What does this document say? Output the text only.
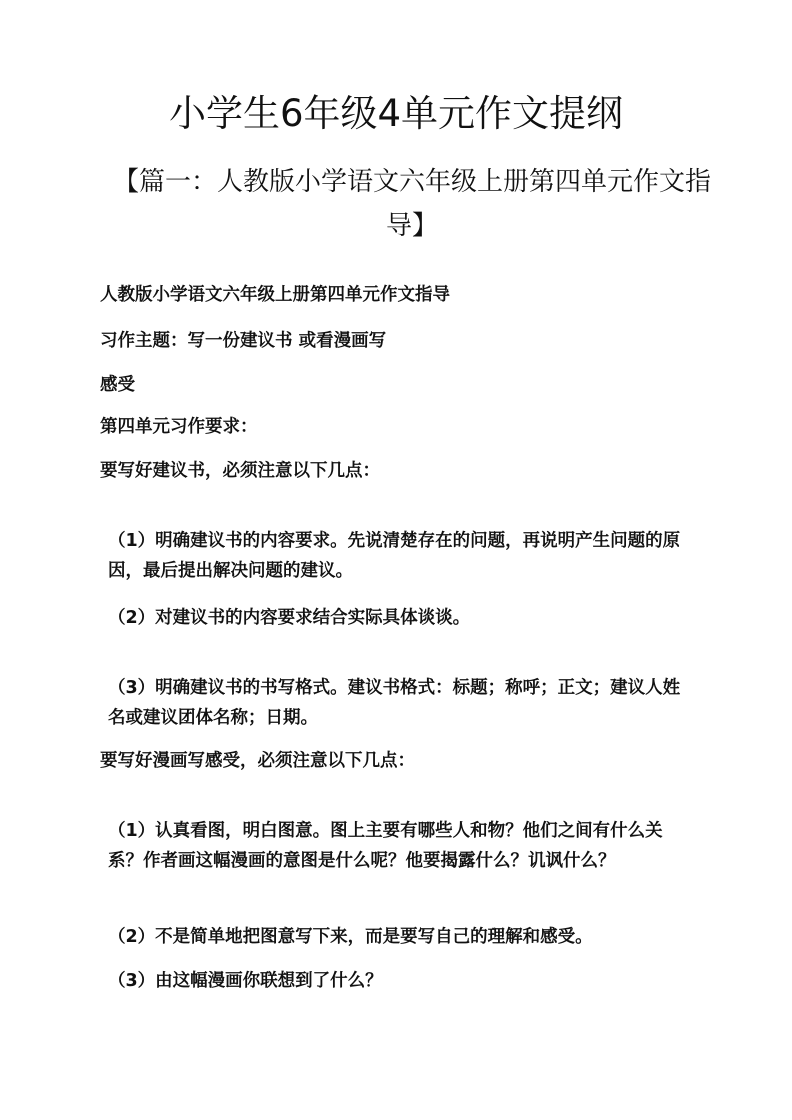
小学生6年级4单元作文提纲
【篇一：人教版小学语文六年级上册第四单元作文指导】
人教版小学语文六年级上册第四单元作文指导
习作主题：写一份建议书 或看漫画写
感受
第四单元习作要求：
要写好建议书，必须注意以下几点：
（1）明确建议书的内容要求。先说清楚存在的问题，再说明产生问题的原因，最后提出解决问题的建议。
（2）对建议书的内容要求结合实际具体谈谈。
（3）明确建议书的书写格式。建议书格式：标题；称呼；正文；建议人姓名或建议团体名称；日期。
要写好漫画写感受，必须注意以下几点：
（1）认真看图，明白图意。图上主要有哪些人和物？他们之间有什么关系？作者画这幅漫画的意图是什么呢？他要揭露什么？讥讽什么？
（2）不是简单地把图意写下来，而是要写自己的理解和感受。
（3）由这幅漫画你联想到了什么？
